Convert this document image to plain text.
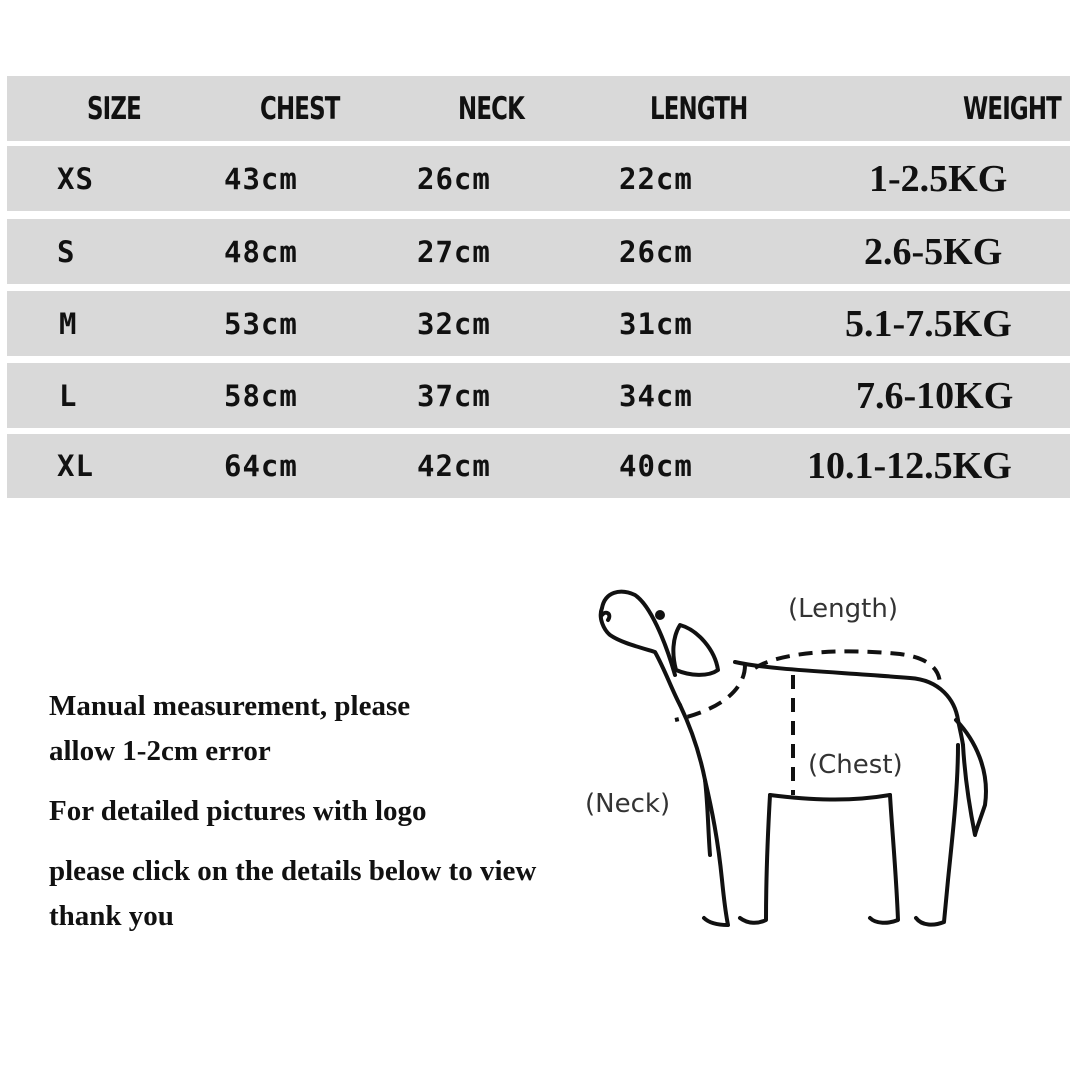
SIZE	CHEST	NECK	LENGTH	WEIGHT
XS	43cm	26cm	22cm	1-2.5KG
S	48cm	27cm	26cm	2.6-5KG
M	53cm	32cm	31cm	5.1-7.5KG
L	58cm	37cm	34cm	7.6-10KG
XL	64cm	42cm	40cm	10.1-12.5KG
Manual measurement, please
allow 1-2cm error
For detailed pictures with logo
please click on the details below to view
thank you
(Length)
(Chest)
(Neck)
